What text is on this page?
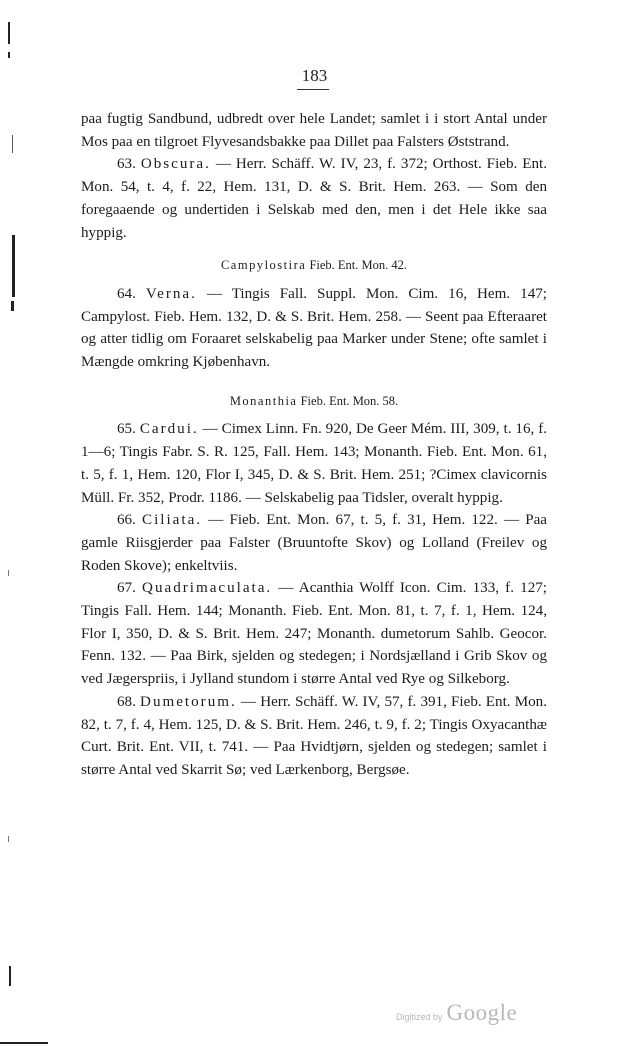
183

paa fugtig Sandbund, udbredt over hele Landet; samlet i i stort Antal under Mos paa en tilgroet Flyvesandsbakke paa Dillet paa Falsters Øststrand.

63. Obscura. — Herr. Schäff. W. IV, 23, f. 372; Orthost. Fieb. Ent. Mon. 54, t. 4, f. 22, Hem. 131, D. & S. Brit. Hem. 263. — Som den foregaaende og undertiden i Selskab med den, men i det Hele ikke saa hyppig.

Campylostira Fieb. Ent. Mon. 42.

64. Verna. — Tingis Fall. Suppl. Mon. Cim. 16, Hem. 147; Campylost. Fieb. Hem. 132, D. & S. Brit. Hem. 258. — Seent paa Efteraaret og atter tidlig om Foraaret selskabelig paa Marker under Stene; ofte samlet i Mængde omkring Kjøbenhavn.

Monanthia Fieb. Ent. Mon. 58.

65. Cardui. — Cimex Linn. Fn. 920, De Geer Mém. III, 309, t. 16, f. 1—6; Tingis Fabr. S. R. 125, Fall. Hem. 143; Monanth. Fieb. Ent. Mon. 61, t. 5, f. 1, Hem. 120, Flor I, 345, D. & S. Brit. Hem. 251; ?Cimex clavicornis Müll. Fr. 352, Prodr. 1186. — Selskabelig paa Tidsler, overalt hyppig.

66. Ciliata. — Fieb. Ent. Mon. 67, t. 5, f. 31, Hem. 122. — Paa gamle Riisgjerder paa Falster (Bruuntofte Skov) og Lolland (Freilev og Roden Skove); enkeltviis.

67. Quadrimaculata. — Acanthia Wolff Icon. Cim. 133, f. 127; Tingis Fall. Hem. 144; Monanth. Fieb. Ent. Mon. 81, t. 7, f. 1, Hem. 124, Flor I, 350, D. & S. Brit. Hem. 247; Monanth. dumetorum Sahlb. Geocor. Fenn. 132. — Paa Birk, sjelden og stedegen; i Nordsjælland i Grib Skov og ved Jægerspriis, i Jylland stundom i større Antal ved Rye og Silkeborg.

68. Dumetorum. — Herr. Schäff. W. IV, 57, f. 391, Fieb. Ent. Mon. 82, t. 7, f. 4, Hem. 125, D. & S. Brit. Hem. 246, t. 9, f. 2; Tingis Oxyacanthæ Curt. Brit. Ent. VII, t. 741. — Paa Hvidtjørn, sjelden og stedegen; samlet i større Antal ved Skarrit Sø; ved Lærkenborg, Bergsøe.

Digitized by Google
